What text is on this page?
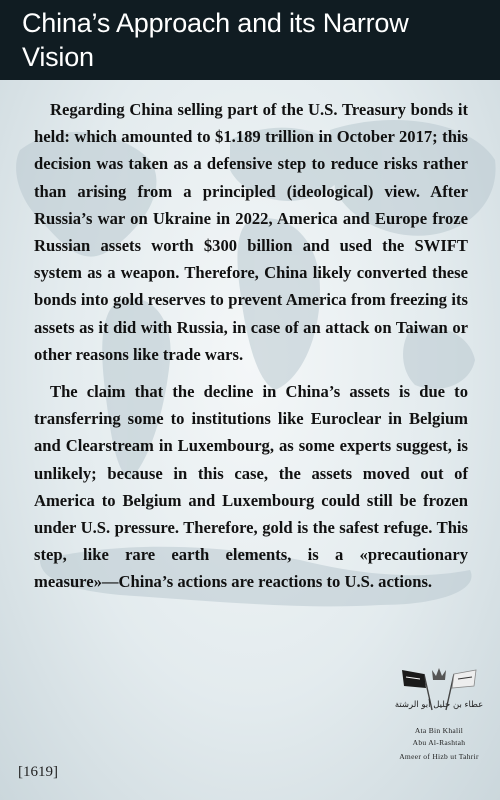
China’s Approach and its Narrow Vision

Regarding China selling part of the U.S. Treasury bonds it held: which amounted to $1.189 trillion in October 2017; this decision was taken as a defensive step to reduce risks rather than arising from a principled (ideological) view. After Russia’s war on Ukraine in 2022, America and Europe froze Russian assets worth $300 billion and used the SWIFT system as a weapon. Therefore, China likely converted these bonds into gold reserves to prevent America from freezing its assets as it did with Russia, in case of an attack on Taiwan or other reasons like trade wars.

The claim that the decline in China’s assets is due to transferring some to institutions like Euroclear in Belgium and Clearstream in Luxembourg, as some experts suggest, is unlikely; because in this case, the assets moved out of America to Belgium and Luxembourg could still be frozen under U.S. pressure. Therefore, gold is the safest refuge. This step, like rare earth elements, is a «precautionary measure»—China’s actions are reactions to U.S. actions.

عطاء بن خليل أبو الرشتة
Ata Bin Khalil
Abu Al-Rashtah
Ameer of Hizb ut Tahrir
[1619]
